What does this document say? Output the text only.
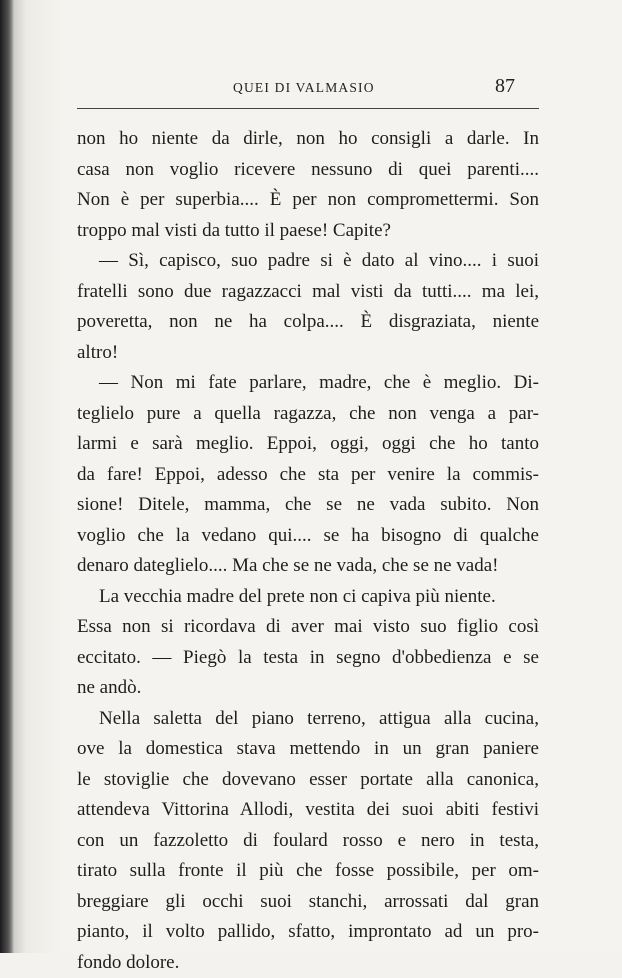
QUEI DI VALMASIO	87
non ho niente da dirle, non ho consigli a darle. In
casa non voglio ricevere nessuno di quei parenti....
Non è per superbia.... È per non compromettermi. Son
troppo mal visti da tutto il paese! Capite?
— Sì, capisco, suo padre si è dato al vino.... i suoi
fratelli sono due ragazzacci mal visti da tutti.... ma lei,
poveretta, non ne ha colpa.... È disgraziata, niente
altro!
— Non mi fate parlare, madre, che è meglio. Di-
teglielo pure a quella ragazza, che non venga a par-
larmi e sarà meglio. Eppoi, oggi, oggi che ho tanto
da fare! Eppoi, adesso che sta per venire la commis-
sione! Ditele, mamma, che se ne vada subito. Non
voglio che la vedano qui.... se ha bisogno di qualche
denaro dateglielo.... Ma che se ne vada, che se ne vada!
La vecchia madre del prete non ci capiva più niente.
Essa non si ricordava di aver mai visto suo figlio così
eccitato. — Piegò la testa in segno d'obbedienza e se
ne andò.
Nella saletta del piano terreno, attigua alla cucina,
ove la domestica stava mettendo in un gran paniere
le stoviglie che dovevano esser portate alla canonica,
attendeva Vittorina Allodi, vestita dei suoi abiti festivi
con un fazzoletto di foulard rosso e nero in testa,
tirato sulla fronte il più che fosse possibile, per om-
breggiare gli occhi suoi stanchi, arrossati dal gran
pianto, il volto pallido, sfatto, improntato ad un pro-
fondo dolore.
